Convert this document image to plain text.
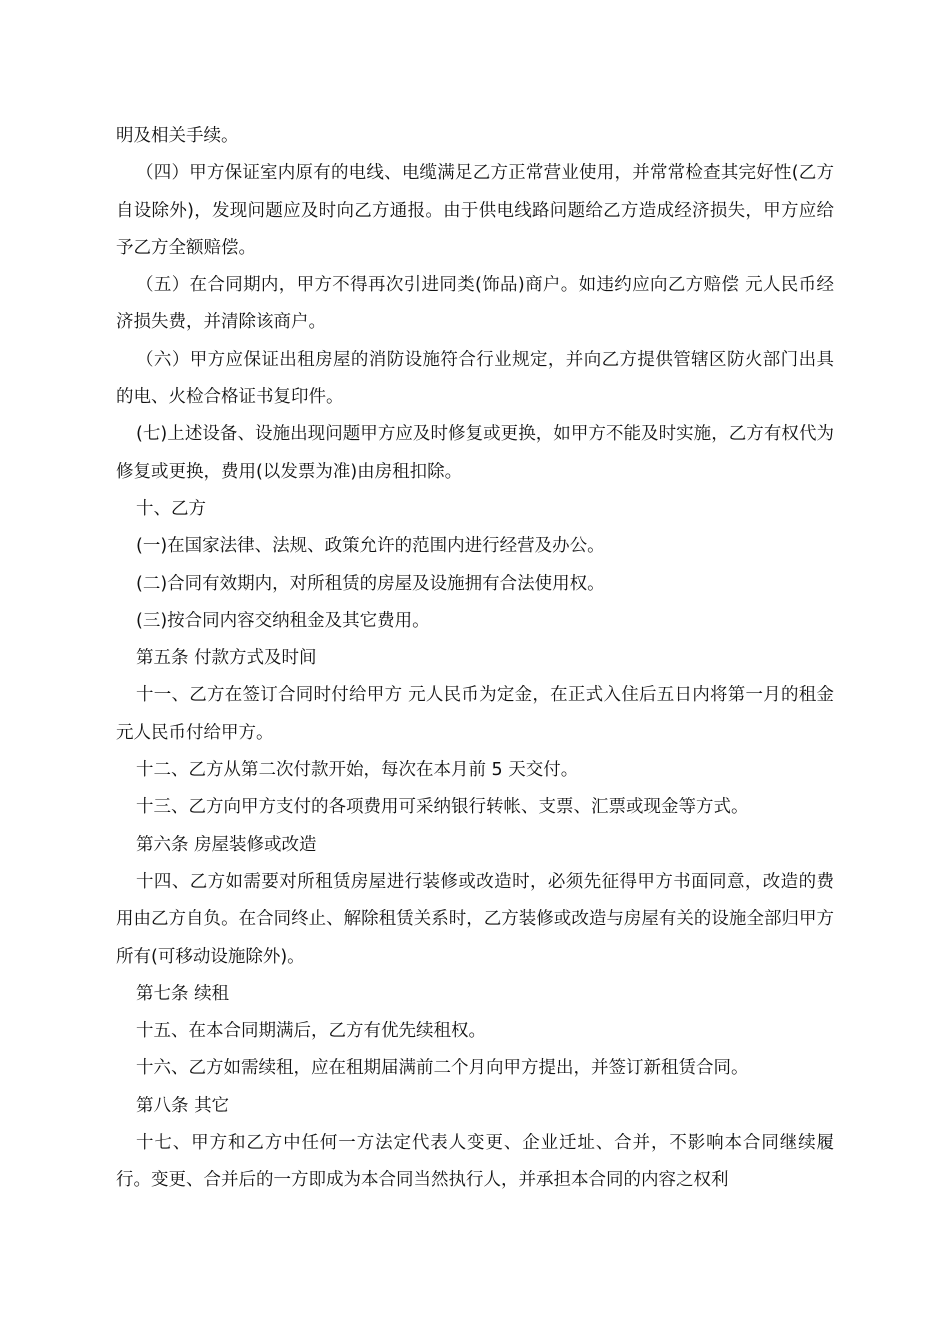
明及相关手续。

（四）甲方保证室内原有的电线、电缆满足乙方正常营业使用，并常常检查其完好性(乙方自设除外)，发现问题应及时向乙方通报。由于供电线路问题给乙方造成经济损失，甲方应给予乙方全额赔偿。

（五）在合同期内，甲方不得再次引进同类(饰品)商户。如违约应向乙方赔偿 元人民币经济损失费，并清除该商户。

（六）甲方应保证出租房屋的消防设施符合行业规定，并向乙方提供管辖区防火部门出具的电、火检合格证书复印件。

(七)上述设备、设施出现问题甲方应及时修复或更换，如甲方不能及时实施，乙方有权代为修复或更换，费用(以发票为准)由房租扣除。

十、乙方

(一)在国家法律、法规、政策允许的范围内进行经营及办公。

(二)合同有效期内，对所租赁的房屋及设施拥有合法使用权。

(三)按合同内容交纳租金及其它费用。

第五条 付款方式及时间

十一、乙方在签订合同时付给甲方 元人民币为定金，在正式入住后五日内将第一月的租金 元人民币付给甲方。

十二、乙方从第二次付款开始，每次在本月前 5 天交付。

十三、乙方向甲方支付的各项费用可采纳银行转帐、支票、汇票或现金等方式。

第六条 房屋装修或改造

十四、乙方如需要对所租赁房屋进行装修或改造时，必须先征得甲方书面同意，改造的费用由乙方自负。在合同终止、解除租赁关系时，乙方装修或改造与房屋有关的设施全部归甲方所有(可移动设施除外)。

第七条 续租

十五、在本合同期满后，乙方有优先续租权。

十六、乙方如需续租，应在租期届满前二个月向甲方提出，并签订新租赁合同。

第八条 其它

十七、甲方和乙方中任何一方法定代表人变更、企业迁址、合并，不影响本合同继续履行。变更、合并后的一方即成为本合同当然执行人，并承担本合同的内容之权利
